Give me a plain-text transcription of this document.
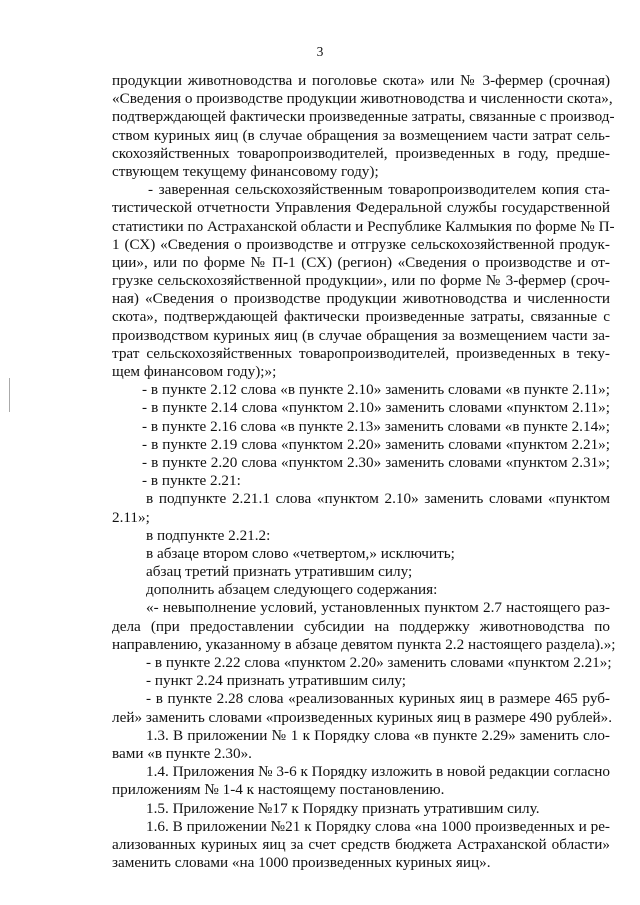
3
продукции животноводства и поголовье скота» или № 3-фермер (срочная)
«Сведения о производстве продукции животноводства и численности скота»,
подтверждающей фактически произведенные затраты, связанные с производ-
ством куриных яиц (в случае обращения за возмещением части затрат сель-
скохозяйственных товаропроизводителей, произведенных в году, предше-
ствующем текущему финансовому году);
- заверенная сельскохозяйственным товаропроизводителем копия ста-
тистической отчетности Управления Федеральной службы государственной
статистики по Астраханской области и Республике Калмыкия по форме № П-
1 (СХ) «Сведения о производстве и отгрузке сельскохозяйственной продук-
ции», или по форме № П-1 (СХ) (регион) «Сведения о производстве и от-
грузке сельскохозяйственной продукции», или по форме № 3-фермер (сроч-
ная) «Сведения о производстве продукции животноводства и численности
скота», подтверждающей фактически произведенные затраты, связанные с
производством куриных яиц (в случае обращения за возмещением части за-
трат сельскохозяйственных товаропроизводителей, произведенных в теку-
щем финансовом году);»;
- в пункте 2.12 слова «в пункте 2.10» заменить словами «в пункте 2.11»;
- в пункте 2.14 слова «пунктом 2.10» заменить словами «пунктом 2.11»;
- в пункте 2.16 слова «в пункте 2.13» заменить словами «в пункте 2.14»;
- в пункте 2.19 слова «пунктом 2.20» заменить словами «пунктом 2.21»;
- в пункте 2.20 слова «пунктом 2.30» заменить словами «пунктом 2.31»;
- в пункте 2.21:
в подпункте 2.21.1 слова «пунктом 2.10» заменить словами «пунктом
2.11»;
в подпункте 2.21.2:
в абзаце втором слово «четвертом,» исключить;
абзац третий признать утратившим силу;
дополнить абзацем следующего содержания:
«- невыполнение условий, установленных пунктом 2.7 настоящего раз-
дела (при предоставлении субсидии на поддержку животноводства по
направлению, указанному в абзаце девятом пункта 2.2 настоящего раздела).»;
- в пункте 2.22 слова «пунктом 2.20» заменить словами «пунктом 2.21»;
- пункт 2.24 признать утратившим силу;
- в пункте 2.28 слова «реализованных куриных яиц в размере 465 руб-
лей» заменить словами «произведенных куриных яиц в размере 490 рублей».
1.3. В приложении № 1 к Порядку слова «в пункте 2.29» заменить сло-
вами «в пункте 2.30».
1.4. Приложения № 3-6 к Порядку изложить в новой редакции согласно
приложениям № 1-4 к настоящему постановлению.
1.5. Приложение №17 к Порядку признать утратившим силу.
1.6. В приложении №21 к Порядку слова «на 1000 произведенных и ре-
ализованных куриных яиц за счет средств бюджета Астраханской области»
заменить словами «на 1000 произведенных куриных яиц».
